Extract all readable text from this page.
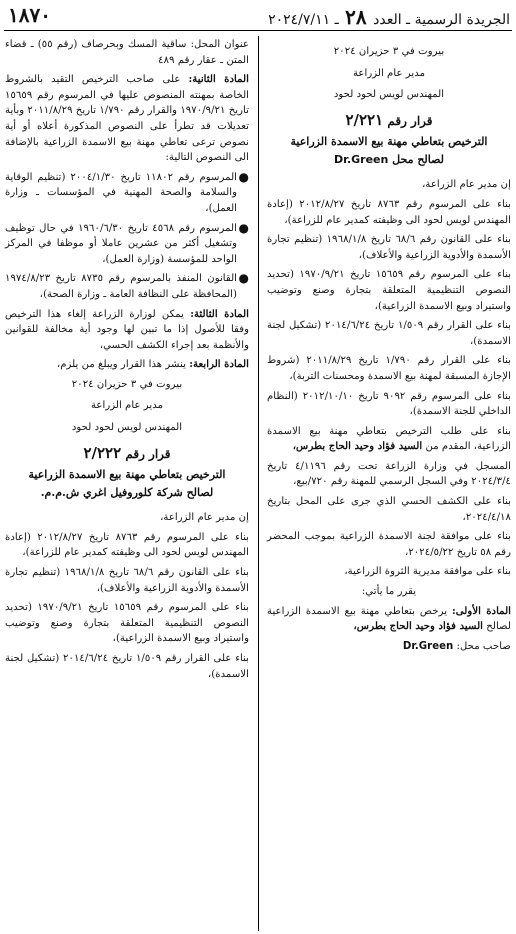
١٨٧٠	الجريدة الرسمية ـ العدد ٢٨ ـ ٢٠٢٤/٧/١١

بيروت في ٣ حزيران ٢٠٢٤

مدير عام الزراعة

المهندس لويس لحود لحود

قرار رقم ٢/٢٢١
الترخيص بتعاطي مهنة بيع الاسمدة الزراعية
لصالح محل Dr.Green

إن مدير عام الزراعة،

بناء على المرسوم رقم ٨٧٦٣ تاريخ ٢٠١٢/٨/٢٧ (إعادة المهندس لويس لحود الى وظيفته كمدير عام للزراعة)،

بناء على القانون رقم ٦٨/٦ تاريخ ١٩٦٨/١/٨ (تنظيم تجارة الأسمدة والأدوية الزراعية والأعلاف)،

بناء على المرسوم رقم ١٥٦٥٩ تاريخ ١٩٧٠/٩/٢١ (تحديد النصوص التنظيمية المتعلقة بتجارة وصنع وتوضيب واستيراد وبيع الاسمدة الزراعية)،

بناء على القرار رقم ١/٥٠٩ تاريخ ٢٠١٤/٦/٢٤ (تشكيل لجنة الاسمدة)،

بناء على القرار رقم ١/٧٩٠ تاريخ ٢٠١١/٨/٢٩ (شروط الإجازة المسبقة لمهنة بيع الاسمدة ومحسنات التربة)،

بناء على المرسوم رقم ٩٠٩٢ تاريخ ٢٠١٢/١٠/١٠ (النظام الداخلي للجنة الاسمدة)،

بناء على طلب الترخيص بتعاطي مهنة بيع الاسمدة الزراعية، المقدم من السيد فؤاد وحيد الحاج بطرس،

المسجل في وزارة الزراعة تحت رقم ٤/١١٩٦ تاريخ ٢٠٢٤/٣/٤ وفي السجل الرسمي للمهنة رقم ٧٢٠/بيع،

بناء على الكشف الحسي الذي جرى على المحل بتاريخ ٢٠٢٤/٤/١٨،

بناء على موافقة لجنة الاسمدة الزراعية بموجب المحضر رقم ٥٨ تاريخ ٢٠٢٤/٥/٢٢،

بناء على موافقة مديرية الثروة الزراعية،

يقرر ما يأتي:

المادة الأولى: يرخص بتعاطي مهنة بيع الاسمدة الزراعية لصالح السيد فؤاد وحيد الحاج بطرس،

صاحب محل: Dr.Green

عنوان المحل: ساقية المسك وبحرصاف (رقم ٥٥) ـ قضاء المتن ـ عقار رقم ٤٨٩

المادة الثانية: على صاحب الترخيص التقيد بالشروط الخاصة بمهنته المنصوص عليها في المرسوم رقم ١٥٦٥٩ تاريخ ١٩٧٠/٩/٢١ والقرار رقم ١/٧٩٠ تاريخ ٢٠١١/٨/٢٩ وبأية تعديلات قد تطرأ على النصوص المذكورة أعلاه أو أية نصوص ترعى تعاطي مهنة بيع الاسمدة الزراعية بالإضافة الى النصوص التالية:

●
المرسوم رقم ١١٨٠٢ تاريخ ٢٠٠٤/١/٣٠ (تنظيم الوقاية والسلامة والصحة المهنية في المؤسسات ـ وزارة العمل)،

●
المرسوم رقم ٤٥٦٨ تاريخ ١٩٦٠/٦/٣٠ في حال توظيف وتشغيل أكثر من عشرين عاملا أو موظفا في المركز الواحد للمؤسسة (وزارة العمل)،

●
القانون المنفذ بالمرسوم رقم ٨٧٣٥ تاريخ ١٩٧٤/٨/٢٣ (المحافظة على النظافة العامة ـ وزارة الصحة)،

المادة الثالثة: يمكن لوزارة الزراعة إلغاء هذا الترخيص وفقا للأصول إذا ما تبين لها وجود أية مخالفة للقوانين والأنظمة بعد إجراء الكشف الحسي،

المادة الرابعة: ينشر هذا القرار ويبلغ من يلزم،

بيروت في ٣ حزيران ٢٠٢٤

مدير عام الزراعة

المهندس لويس لحود لحود

قرار رقم ٢/٢٢٢
الترخيص بتعاطي مهنة بيع الاسمدة الزراعية
لصالح شركة كلوروفيل اغري ش.م.م.

إن مدير عام الزراعة،

بناء على المرسوم رقم ٨٧٦٣ تاريخ ٢٠١٢/٨/٢٧ (إعادة المهندس لويس لحود الى وظيفته كمدير عام للزراعة)،

بناء على القانون رقم ٦٨/٦ تاريخ ١٩٦٨/١/٨ (تنظيم تجارة الأسمدة والأدوية الزراعية والأعلاف)،

بناء على المرسوم رقم ١٥٦٥٩ تاريخ ١٩٧٠/٩/٢١ (تحديد النصوص التنظيمية المتعلقة بتجارة وصنع وتوضيب واستيراد وبيع الاسمدة الزراعية)،

بناء على القرار رقم ١/٥٠٩ تاريخ ٢٠١٤/٦/٢٤ (تشكيل لجنة الاسمدة)،
